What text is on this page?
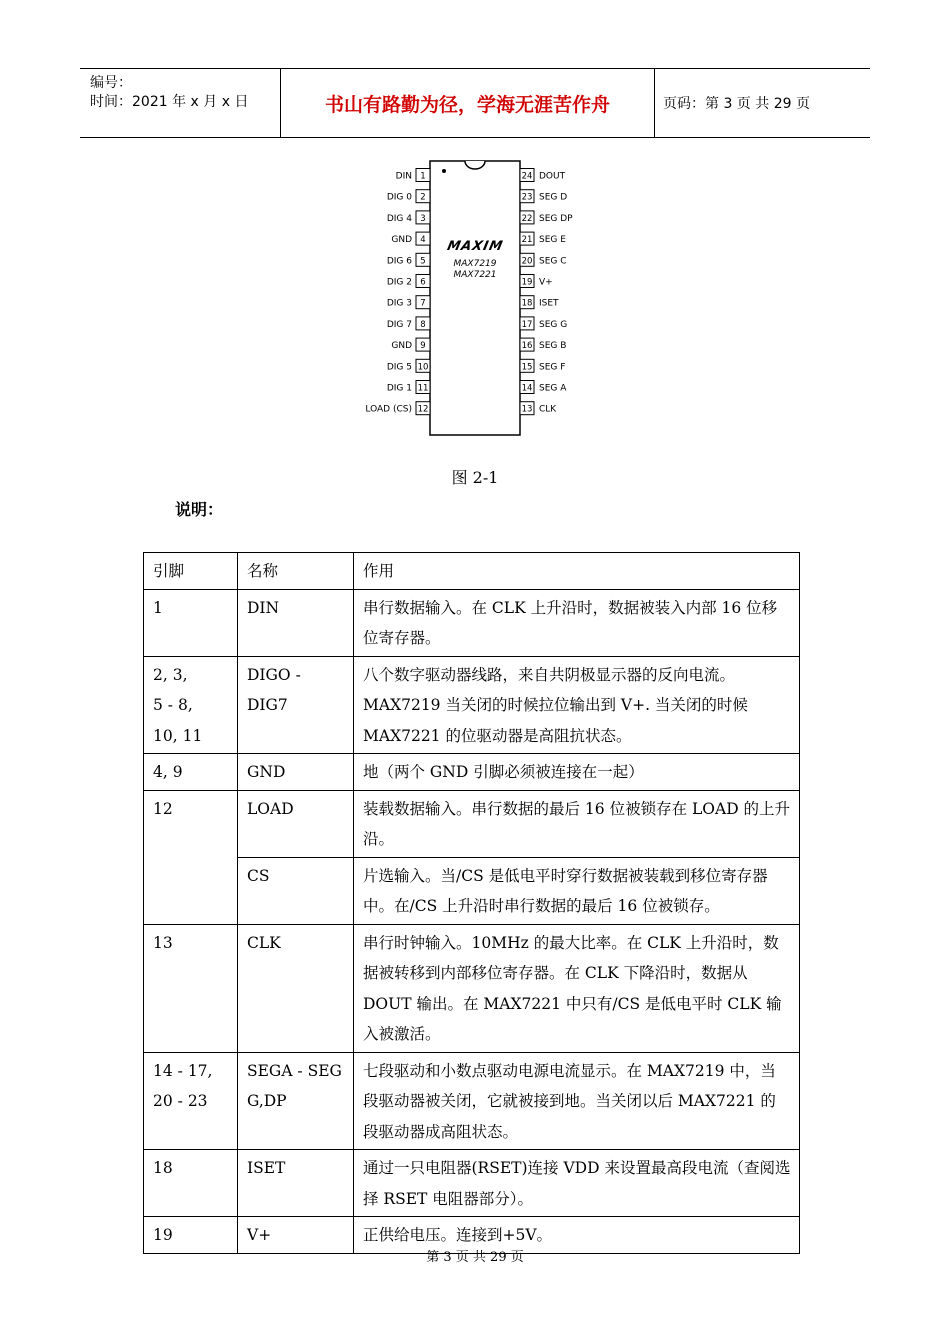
编号：
时间：2021 年 x 月 x 日	书山有路勤为径，学海无涯苦作舟	页码：第 3 页 共 29 页
MAXIM
MAX7219
MAX7221
1
DIN
2
DIG 0
3
DIG 4
4
GND
5
DIG 6
6
DIG 2
7
DIG 3
8
DIG 7
9
GND
10
DIG 5
11
DIG 1
12
LOAD (CS)
24 DOUT
23 SEG D
22 SEG DP
21 SEG E
20 SEG C
19 V+
18 ISET
17 SEG G
16 SEG B
15 SEG F
14 SEG A
13 CLK
图 2-1
说明：
引脚	名称	作用
1	DIN	串行数据输入。在 CLK 上升沿时，数据被装入内部 16 位移位寄存器。
2, 3,
5 - 8,
10, 11	DIGO - DIG7	八个数字驱动器线路，来自共阴极显示器的反向电流。MAX7219 当关闭的时候拉位输出到 V+. 当关闭的时候 MAX7221 的位驱动器是高阻抗状态。
4, 9	GND	地（两个 GND 引脚必须被连接在一起）
12	LOAD	装载数据输入。串行数据的最后 16 位被锁存在 LOAD 的上升沿。
	CS	片选输入。当/CS 是低电平时穿行数据被装载到移位寄存器中。在/CS 上升沿时串行数据的最后 16 位被锁存。
13	CLK	串行时钟输入。10MHz 的最大比率。在 CLK 上升沿时，数据被转移到内部移位寄存器。在 CLK 下降沿时，数据从 DOUT 输出。在 MAX7221 中只有/CS 是低电平时 CLK 输入被激活。
14 - 17,
20 - 23	SEGA - SEG
G,DP	七段驱动和小数点驱动电源电流显示。在 MAX7219 中，当段驱动器被关闭，它就被接到地。当关闭以后 MAX7221 的段驱动器成高阻状态。
18	ISET	通过一只电阻器(RSET)连接 VDD 来设置最高段电流（查阅选择 RSET 电阻器部分）。
19	V+	正供给电压。连接到+5V。
第 3 页 共 29 页
